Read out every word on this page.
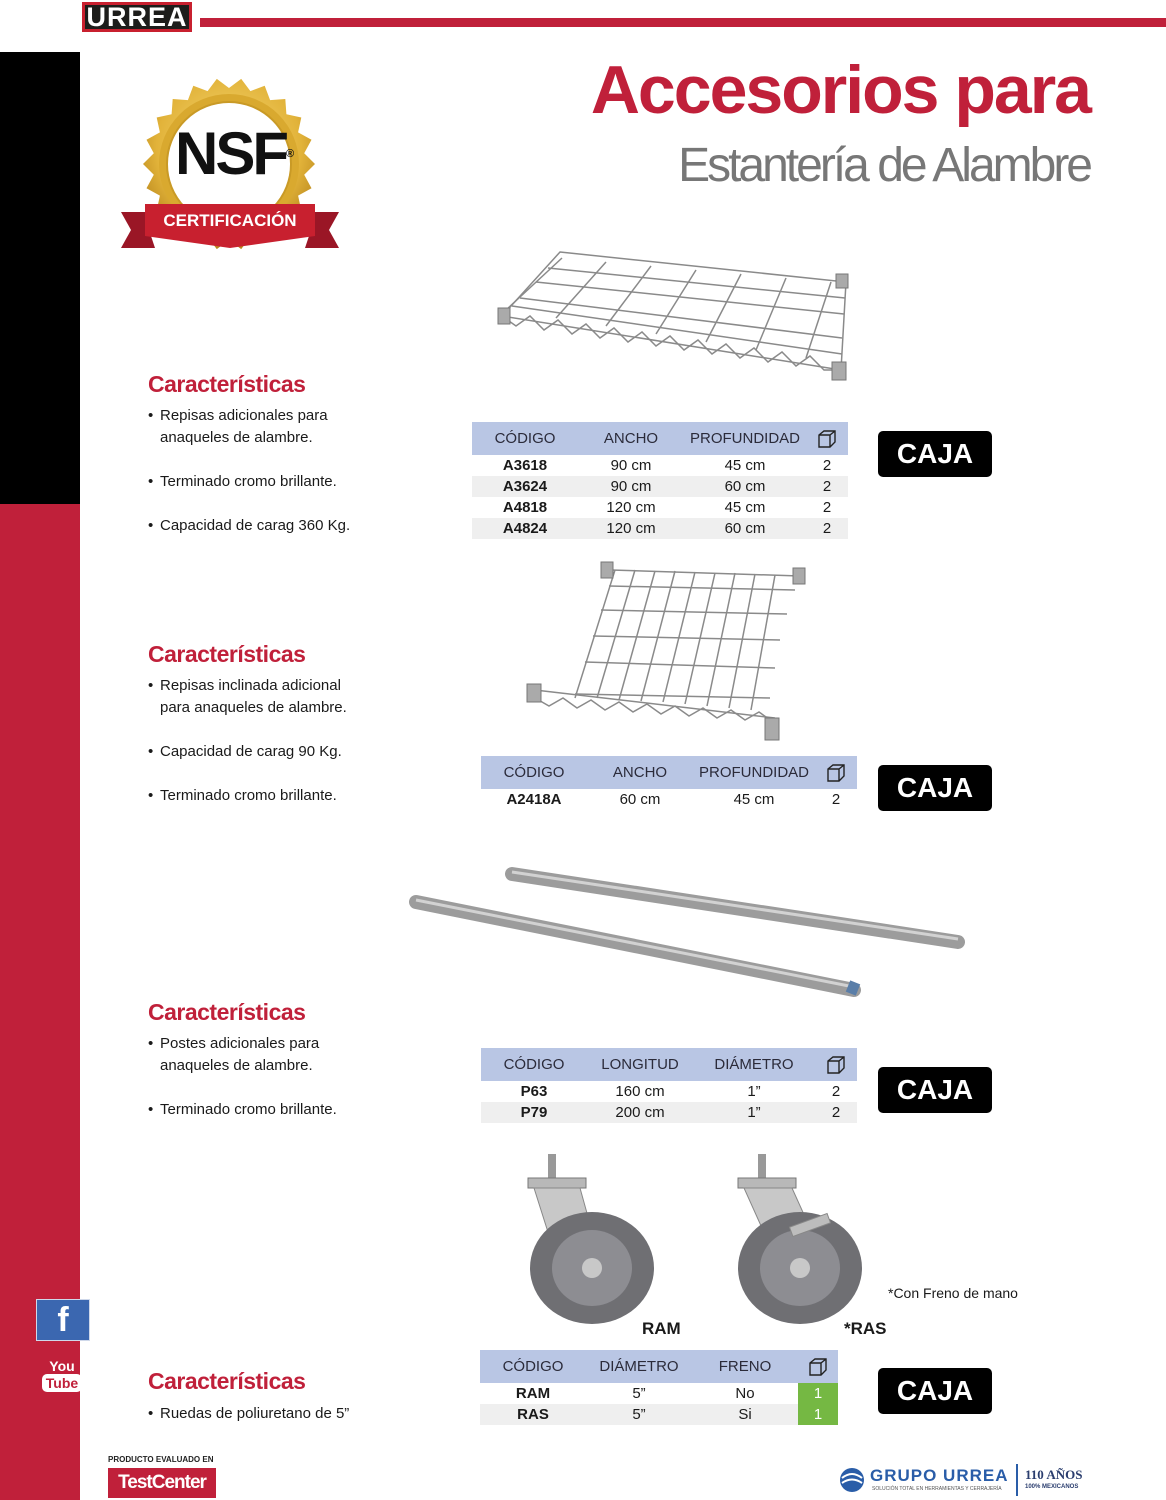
URREA
Accesorios para
Estantería de Alambre
NSF®
CERTIFICACIÓN
RAM	*RAS
*Con Freno de mano
Características
• Repisas adicionales para anaqueles de alambre.
• Terminado cromo brillante.
• Capacidad de carag 360 Kg.
CÓDIGO	ANCHO	PROFUNDIDAD	
A3618	90 cm	45 cm	2
A3624	90 cm	60 cm	2
A4818	120 cm	45 cm	2
A4824	120 cm	60 cm	2
CAJA
Características
• Repisas inclinada adicional para anaqueles de alambre.
• Capacidad de carag 90 Kg.
• Terminado cromo brillante.
CÓDIGO	ANCHO	PROFUNDIDAD	
A2418A	60 cm	45 cm	2	CAJA
Características
• Postes adicionales para anaqueles de alambre.
• Terminado cromo brillante.
CÓDIGO	LONGITUD	DIÁMETRO	
P63	160 cm	1”	2
P79	200 cm	1”	2
CAJA
Características
• Ruedas de poliuretano de 5”
CÓDIGO	DIÁMETRO	FRENO	
RAM	5”	No	1
RAS	5”	Si	1
CAJA
f
You
Tube
PRODUCTO EVALUADO EN
TestCenter	GRUPO URREA
SOLUCIÓN TOTAL EN HERRAMIENTAS Y CERRAJERÍA
110 AÑOS
100% MEXICANOS
